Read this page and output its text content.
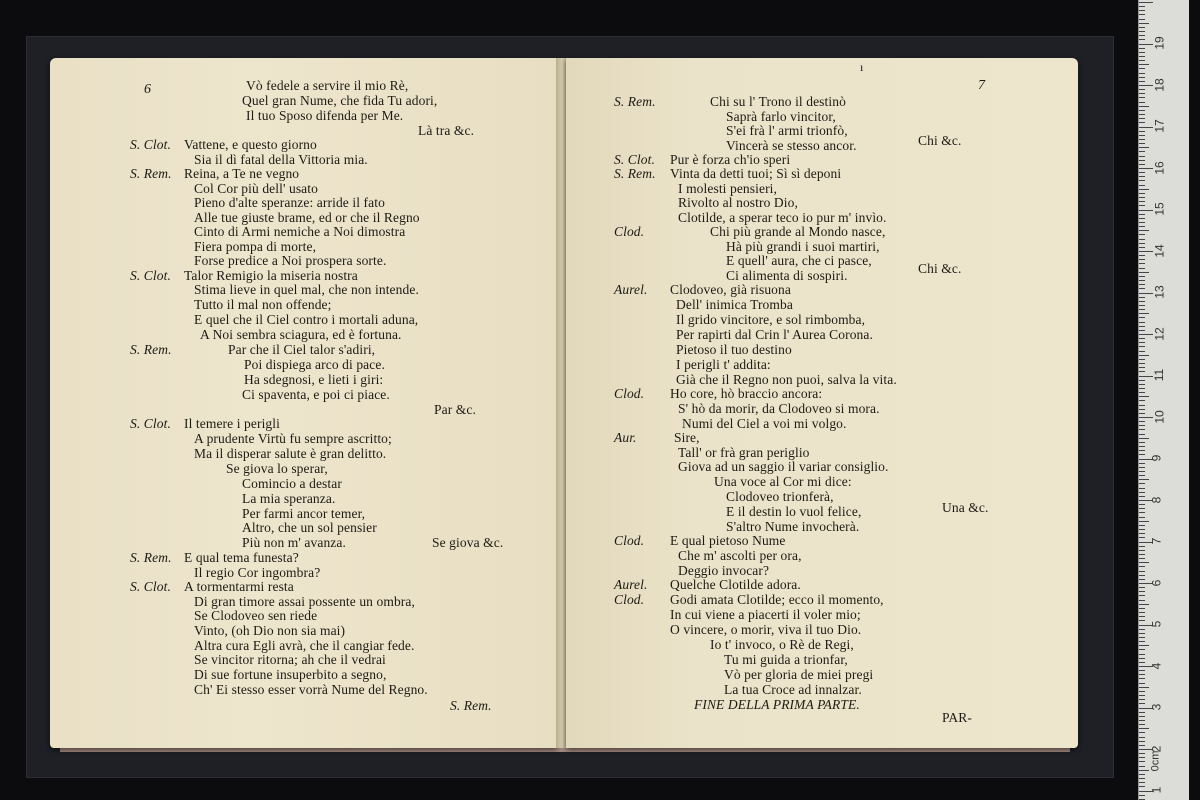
6	Vò fedele a servire il mio Rè,
Quel gran Nume, che fida Tu adori,
Il tuo Sposo difenda per Me.
Là tra &c.
S. Clot. Vattene, e questo giorno
Sia il dì fatal della Vittoria mia.
S. Rem. Reina, a Te ne vegno
Col Cor più dell' usato
Pieno d'alte speranze: arride il fato
Alle tue giuste brame, ed or che il Regno
Cinto di Armi nemiche a Noi dimostra
Fiera pompa di morte,
Forse predice a Noi prospera sorte.
S. Clot. Talor Remigio la miseria nostra
Stima lieve in quel mal, che non intende.
Tutto il mal non offende;
E quel che il Ciel contro i mortali aduna,
A Noi sembra sciagura, ed è fortuna.
S. Rem.	Par che il Ciel talor s'adiri,
Poi dispiega arco di pace.
Ha sdegnosi, e lieti i giri:
Ci spaventa, e poi ci piace.
Par &c.
S. Clot. Il temere i perigli
A prudente Virtù fu sempre ascritto;
Ma il disperar salute è gran delitto.
Se giova lo sperar,
Comincio a destar
La mia speranza.
Per farmi ancor temer,
Altro, che un sol pensier
Più non m' avanza.	Se giova &c.
S. Rem. E qual tema funesta?
Il regio Cor ingombra?
S. Clot. A tormentarmi resta
Di gran timore assai possente un ombra,
Se Clodoveo sen riede
Vinto, (oh Dio non sia mai)
Altra cura Egli avrà, che il cangiar fede.
Se vincitor ritorna; ah che il vedrai
Di sue fortune insuperbito a segno,
Ch' Ei stesso esser vorrà Nume del Regno.
S. Rem.
ı
7
S. Rem.	Chi su l' Trono il destinò
Saprà farlo vincitor,
S'ei frà l' armi trionfò,
Vincerà se stesso ancor.	Chi &c.
S. Clot. Pur è forza ch'io speri
S. Rem. Vinta da detti tuoi; Sì sì deponi
I molesti pensieri,
Rivolto al nostro Dio,
Clotilde, a sperar teco io pur m' invìo.
Clod.	Chi più grande al Mondo nasce,
Hà più grandi i suoi martiri,
E quell' aura, che ci pasce,
Ci alimenta di sospiri.	Chi &c.
Aurel. Clodoveo, già risuona
Dell' inimica Tromba
Il grido vincitore, e sol rimbomba,
Per rapirti dal Crin l' Aurea Corona.
Pietoso il tuo destino
I perigli t' addita:
Già che il Regno non puoi, salva la vita.
Clod. Ho core, hò braccio ancora:
S' hò da morir, da Clodoveo si mora.
Numi del Ciel a voi mi volgo.
Aur.	Sire,
Tall' or frà gran periglio
Giova ad un saggio il variar consiglio.
Una voce al Cor mi dice:
Clodoveo trionferà,
E il destin lo vuol felice,
S'altro Nume invocherà.
Una &c.
Clod. E qual pietoso Nume
Che m' ascolti per ora,
Deggio invocar?
Aurel. Quelche Clotilde adora.
Clod. Godi amata Clotilde; ecco il momento,
In cui viene a piacerti il voler mio;
O vincere, o morir, viva il tuo Dio.
Io t' invoco, o Rè de Regi,
Tu mi guida a trionfar,
Vò per gloria de miei pregi
La tua Croce ad innalzar.
FINE DELLA PRIMA PARTE.
PAR-
19
18
17
16
15
14
13
12
11
10
9
8
7
6
5
4
3
2
1
0cm
